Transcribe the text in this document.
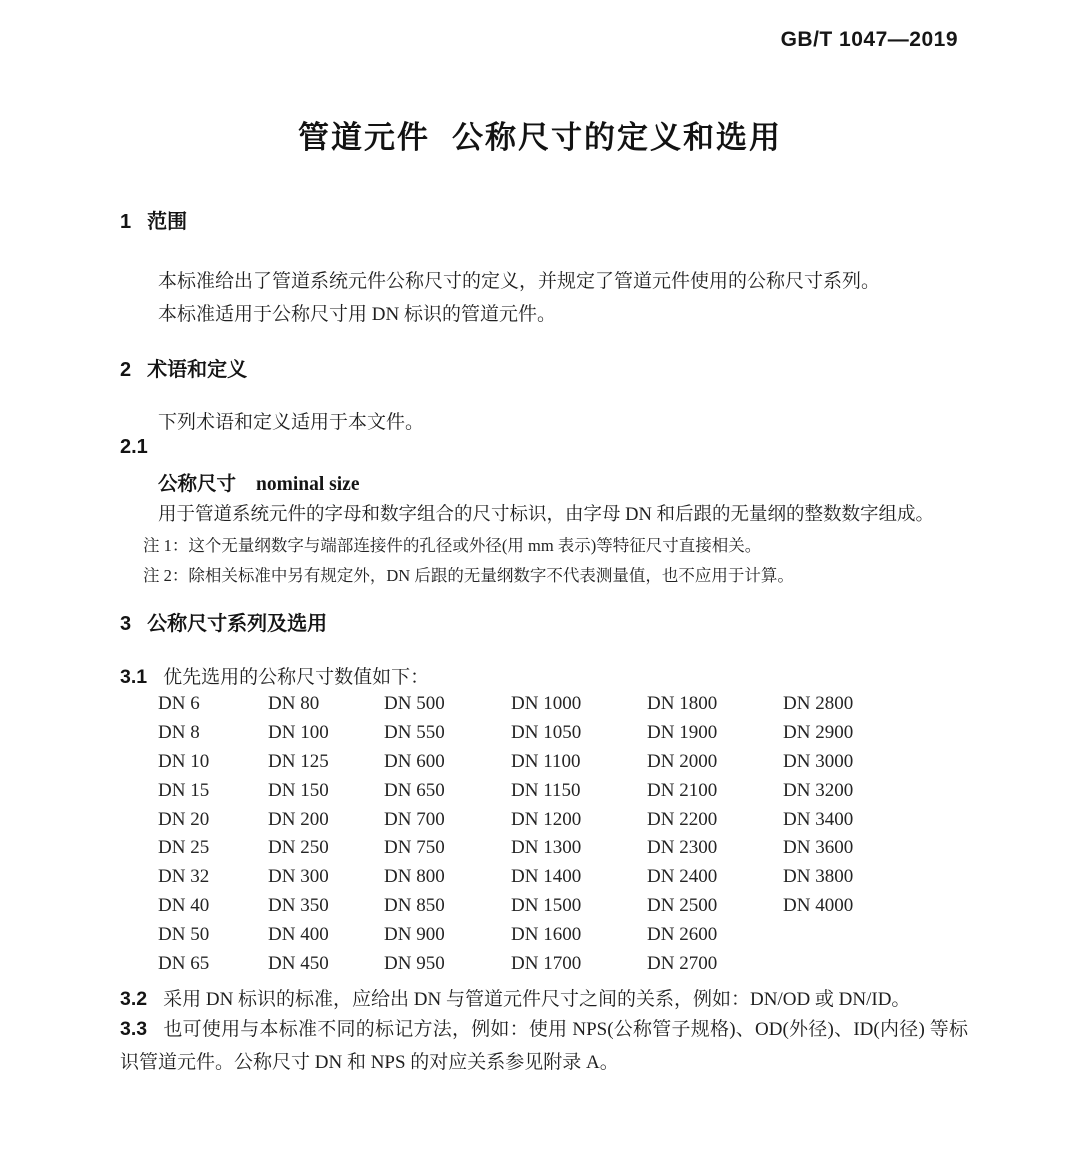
GB/T 1047—2019
管道元件 公称尺寸的定义和选用
1 范围
本标准给出了管道系统元件公称尺寸的定义，并规定了管道元件使用的公称尺寸系列。
本标准适用于公称尺寸用 DN 标识的管道元件。
2 术语和定义
下列术语和定义适用于本文件。
2.1
公称尺寸 nominal size
用于管道系统元件的字母和数字组合的尺寸标识，由字母 DN 和后跟的无量纲的整数数字组成。
注 1：这个无量纲数字与端部连接件的孔径或外径(用 mm 表示)等特征尺寸直接相关。
注 2：除相关标准中另有规定外，DN 后跟的无量纲数字不代表测量值，也不应用于计算。
3 公称尺寸系列及选用
3.1 优先选用的公称尺寸数值如下：
DN 6	DN 80	DN 500	DN 1000	DN 1800	DN 2800
DN 8	DN 100	DN 550	DN 1050	DN 1900	DN 2900
DN 10	DN 125	DN 600	DN 1100	DN 2000	DN 3000
DN 15	DN 150	DN 650	DN 1150	DN 2100	DN 3200
DN 20	DN 200	DN 700	DN 1200	DN 2200	DN 3400
DN 25	DN 250	DN 750	DN 1300	DN 2300	DN 3600
DN 32	DN 300	DN 800	DN 1400	DN 2400	DN 3800
DN 40	DN 350	DN 850	DN 1500	DN 2500	DN 4000
DN 50	DN 400	DN 900	DN 1600	DN 2600	
DN 65	DN 450	DN 950	DN 1700	DN 2700	
3.2 采用 DN 标识的标准，应给出 DN 与管道元件尺寸之间的关系，例如：DN/OD 或 DN/ID。
3.3 也可使用与本标准不同的标记方法，例如：使用 NPS(公称管子规格)、OD(外径)、ID(内径) 等标识管道元件。公称尺寸 DN 和 NPS 的对应关系参见附录 A。
